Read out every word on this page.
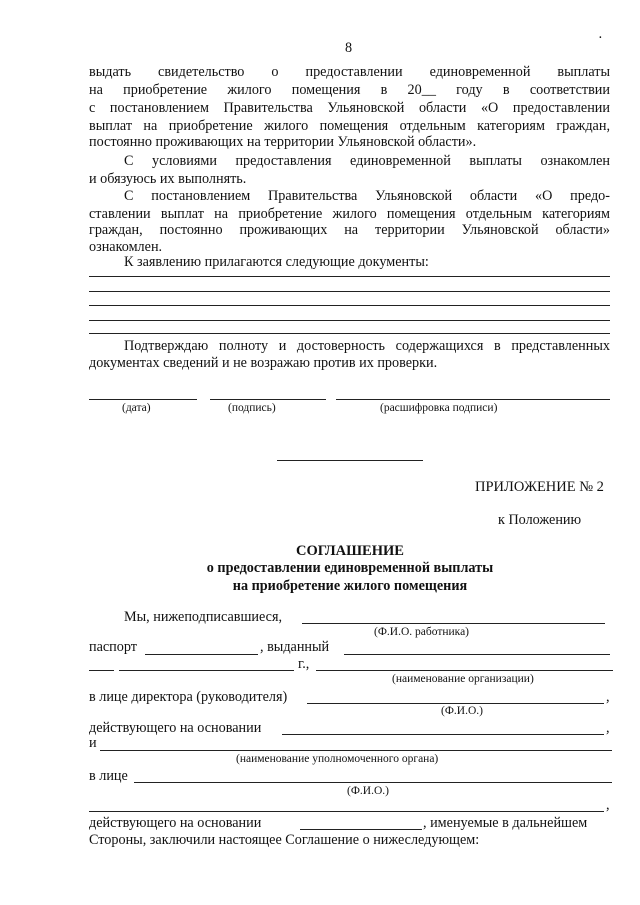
8
·
выдать свидетельство о предоставлении единовременной выплаты
на приобретение жилого помещения в 20__ году в соответствии
с постановлением Правительства Ульяновской области «О предоставлении
выплат на приобретение жилого помещения отдельным категориям граждан,
постоянно проживающих на территории Ульяновской области».
С условиями предоставления единовременной выплаты ознакомлен
и обязуюсь их выполнять.
С постановлением Правительства Ульяновской области «О предо-
ставлении выплат на приобретение жилого помещения отдельным категориям
граждан, постоянно проживающих на территории Ульяновской области»
ознакомлен.
К заявлению прилагаются следующие документы:
Подтверждаю полноту и достоверность содержащихся в представленных
документах сведений и не возражаю против их проверки.
(дата)	(подпись)	(расшифровка подписи)
ПРИЛОЖЕНИЕ № 2
к Положению
СОГЛАШЕНИЕ
о предоставлении единовременной выплаты
на приобретение жилого помещения
Мы, нижеподписавшиеся,
(Ф.И.О. работника)
паспорт	, выданный
г.,
(наименование организации)
в лице директора (руководителя)	,
(Ф.И.О.)
действующего на основании	,
и
(наименование уполномоченного органа)
в лице
(Ф.И.О.)
,
действующего на основании	, именуемые в дальнейшем
Стороны, заключили настоящее Соглашение о нижеследующем:
